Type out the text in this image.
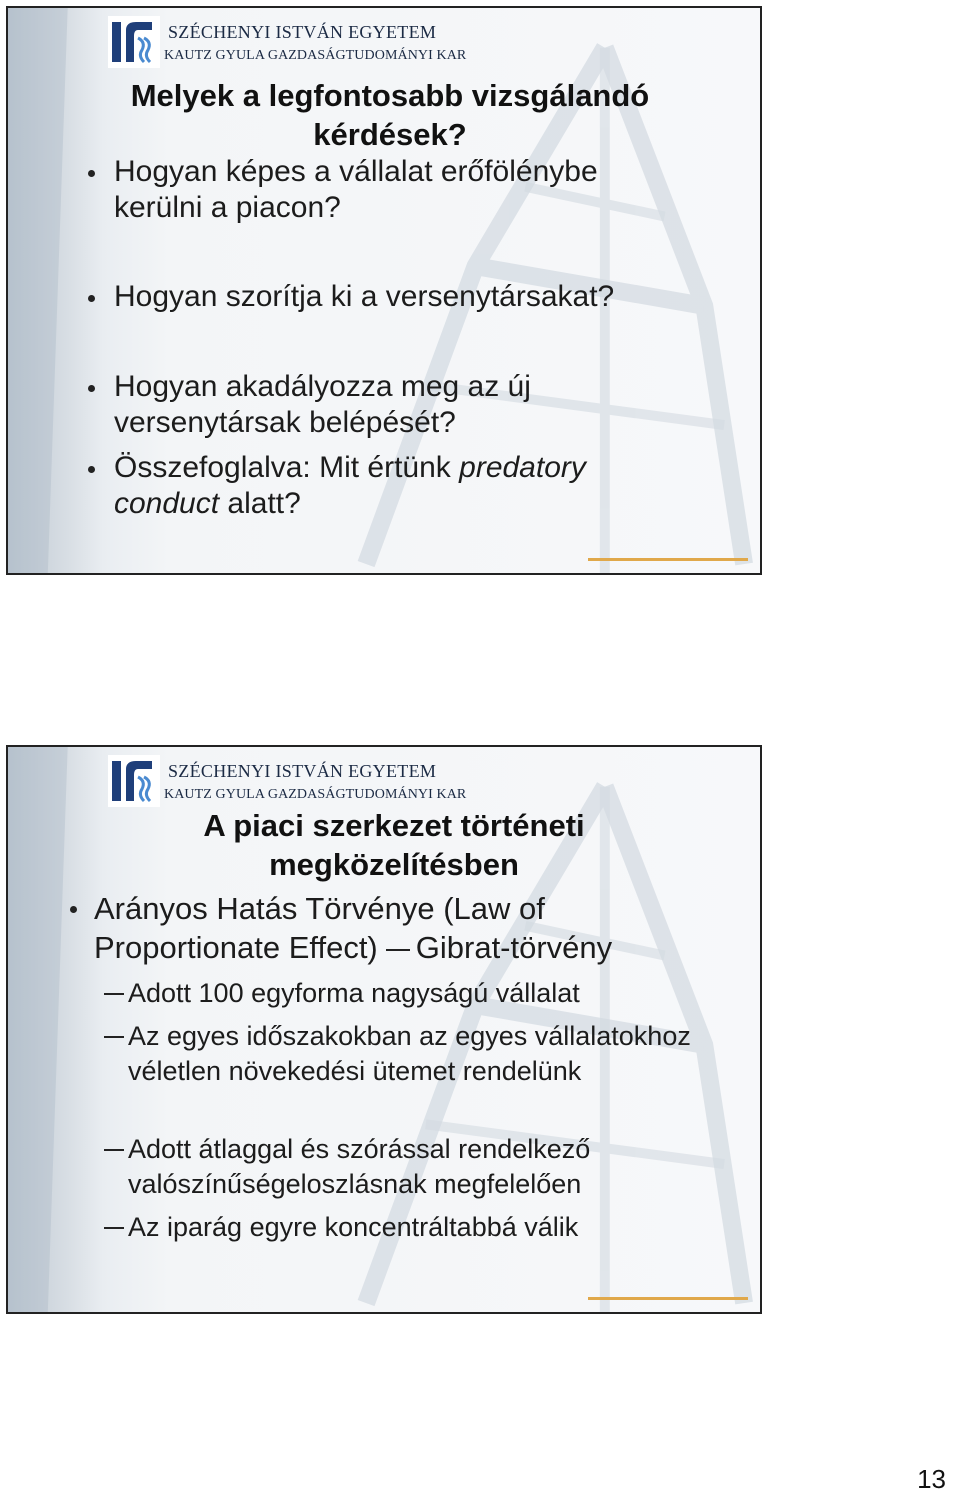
SZÉCHENYI ISTVÁN EGYETEM

KAUTZ GYULA GAZDASÁGTUDOMÁNYI KAR

Melyek a legfontosabb vizsgálandó kérdések?
Hogyan képes a vállalat erőfölénybe kerülni a piacon?
Hogyan szorítja ki a versenytársakat?
Hogyan akadályozza meg az új versenytársak belépését?
Összefoglalva: Mit értünk predatory conduct alatt?

SZÉCHENYI ISTVÁN EGYETEM

KAUTZ GYULA GAZDASÁGTUDOMÁNYI KAR

A piaci szerkezet történeti megközelítésben

Arányos Hatás Törvénye (Law of Proportionate Effect) Gibrat-törvény

Adott 100 egyforma nagyságú vállalat
Az egyes időszakokban az egyes vállalatokhoz véletlen növekedési ütemet rendelünk
Adott átlaggal és szórással rendelkező valószínűségeloszlásnak megfelelően
Az iparág egyre koncentráltabbá válik

13
